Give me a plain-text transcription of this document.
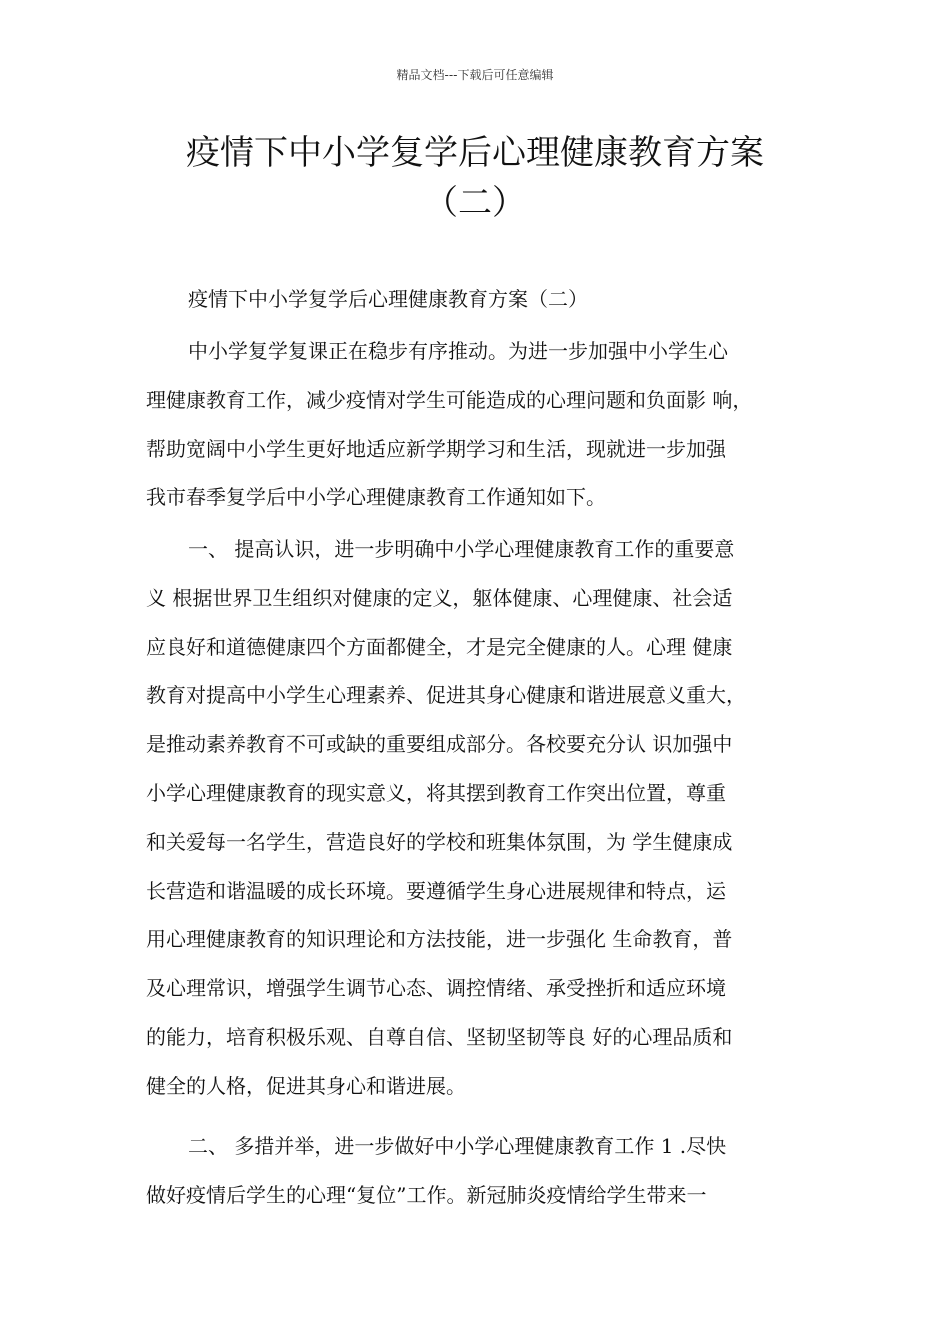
精品文档---下载后可任意编辑
疫情下中小学复学后心理健康教育方案
（二）
疫情下中小学复学后心理健康教育方案（二）
中小学复学复课正在稳步有序推动。为进一步加强中小学生心
理健康教育工作，减少疫情对学生可能造成的心理问题和负面影 响，
帮助宽阔中小学生更好地适应新学期学习和生活，现就进一步加强
我市春季复学后中小学心理健康教育工作通知如下。
一、 提高认识，进一步明确中小学心理健康教育工作的重要意
义 根据世界卫生组织对健康的定义，躯体健康、心理健康、社会适
应良好和道德健康四个方面都健全，才是完全健康的人。心理 健康
教育对提高中小学生心理素养、促进其身心健康和谐进展意义重大，
是推动素养教育不可或缺的重要组成部分。各校要充分认 识加强中
小学心理健康教育的现实意义，将其摆到教育工作突出位置，尊重
和关爱每一名学生，营造良好的学校和班集体氛围，为 学生健康成
长营造和谐温暖的成长环境。要遵循学生身心进展规律和特点，运
用心理健康教育的知识理论和方法技能，进一步强化 生命教育，普
及心理常识，增强学生调节心态、调控情绪、承受挫折和适应环境
的能力，培育积极乐观、自尊自信、坚韧坚韧等良 好的心理品质和
健全的人格，促进其身心和谐进展。
二、 多措并举，进一步做好中小学心理健康教育工作 1 .尽快
做好疫情后学生的心理“复位”工作。新冠肺炎疫情给学生带来一
